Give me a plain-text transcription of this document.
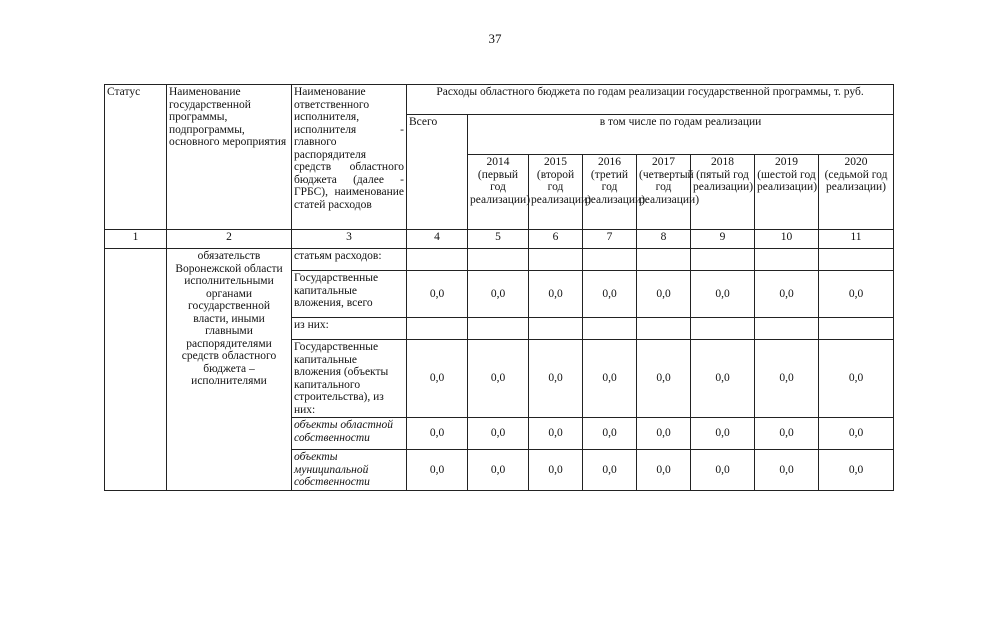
37
Статус	Наименование государственной программы, подпрограммы, основного мероприятия	Наименование ответственного исполнителя, исполнителя - главного распорядителя средств областного бюджета (далее - ГРБС), наименование статей расходов	Расходы областного бюджета по годам реализации государственной программы, т. руб.							
			Всего	в том числе по годам реализации						
				2014 (первый год реализации)	2015 (второй год реализации)	2016 (третий год реализации)	2017 (четвертый год реализации)	2018 (пятый год реализации)	2019 (шестой год реализации)	2020 (седьмой год реализации)
1	2	3	4	5	6	7	8	9	10	11
	обязательств Воронежской области исполнительными органами государственной власти, иными главными распорядителями средств областного бюджета – исполнителями	статьям расходов:								
		Государственные капитальные вложения, всего	0,0	0,0	0,0	0,0	0,0	0,0	0,0	0,0
		из них:								
		Государственные капитальные вложения (объекты капитального строительства), из них:	0,0	0,0	0,0	0,0	0,0	0,0	0,0	0,0
		объекты областной собственности	0,0	0,0	0,0	0,0	0,0	0,0	0,0	0,0
		объекты муниципальной собственности	0,0	0,0	0,0	0,0	0,0	0,0	0,0	0,0
